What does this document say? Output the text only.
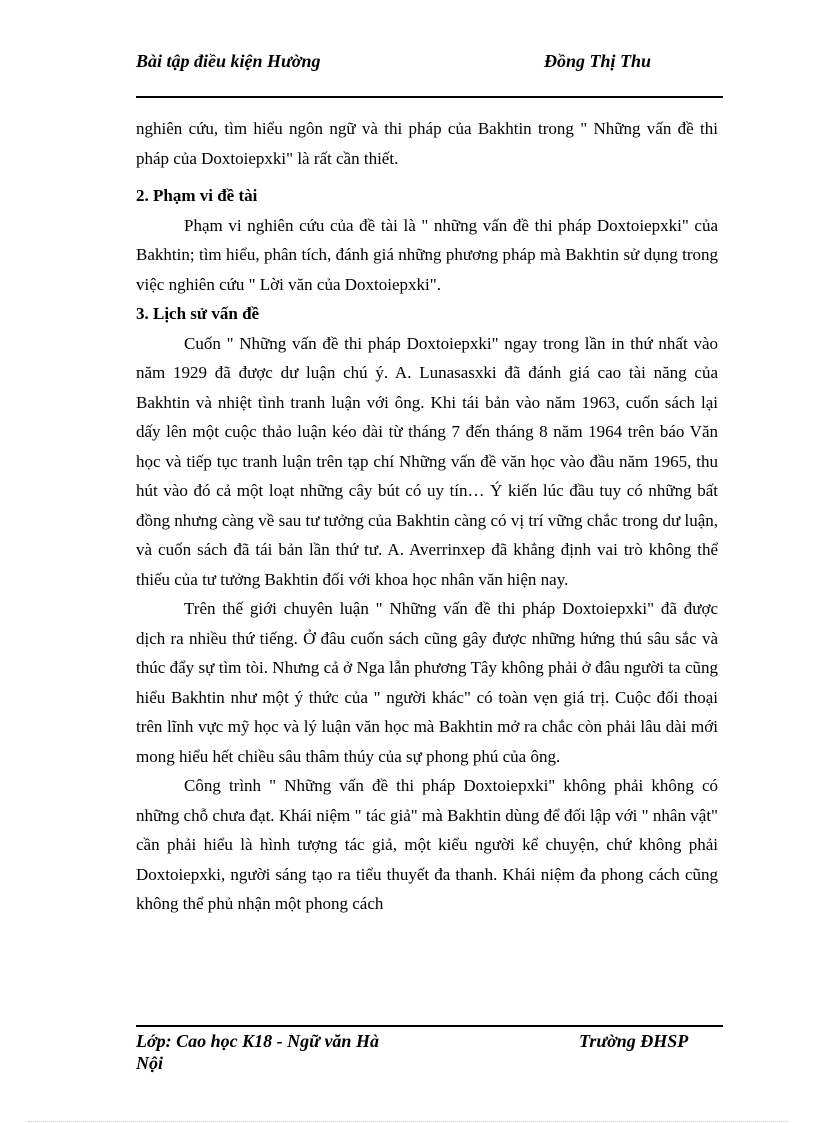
Bài tập điều kiện Hường	Đồng Thị Thu

nghiên cứu, tìm hiểu ngôn ngữ và thi pháp của Bakhtin trong " Những vấn đề thi pháp của Doxtoiepxki" là rất cần thiết.

2. Phạm vi đề tài

Phạm vi nghiên cứu của đề tài là " những vấn đề thi pháp Doxtoiepxki" của Bakhtin; tìm hiểu, phân tích, đánh giá những phương pháp mà Bakhtin sử dụng trong việc nghiên cứu " Lời văn của Doxtoiepxki".

3. Lịch sử vấn đề

Cuốn " Những vấn đề thi pháp Doxtoiepxki" ngay trong lần in thứ nhất vào năm 1929 đã được dư luận chú ý. A. Lunasasxki đã đánh giá cao tài năng của Bakhtin và nhiệt tình tranh luận với ông. Khi tái bản vào năm 1963, cuốn sách lại dấy lên một cuộc thảo luận kéo dài từ tháng 7 đến tháng 8 năm 1964 trên báo Văn học và tiếp tục tranh luận trên tạp chí Những vấn đề văn học vào đầu năm 1965, thu hút vào đó cả một loạt những cây bút có uy tín… Ý kiến lúc đầu tuy có những bất đồng nhưng càng về sau tư tưởng của Bakhtin càng có vị trí vững chắc trong dư luận, và cuốn sách đã tái bản lần thứ tư. A. Averrinxep đã khẳng định vai trò không thể thiếu của tư tưởng Bakhtin đối với khoa học nhân văn hiện nay.

Trên thế giới chuyên luận " Những vấn đề thi pháp Doxtoiepxki" đã được dịch ra nhiều thứ tiếng. Ở đâu cuốn sách cũng gây được những hứng thú sâu sắc và thúc đẩy sự tìm tòi. Nhưng cả ở Nga lẫn phương Tây không phải ở đâu người ta cũng hiểu Bakhtin như một ý thức của " người khác" có toàn vẹn giá trị. Cuộc đối thoại trên lĩnh vực mỹ học và lý luận văn học mà Bakhtin mở ra chắc còn phải lâu dài mới mong hiểu hết chiều sâu thâm thúy của sự phong phú của ông.

Công trình " Những vấn đề thi pháp Doxtoiepxki" không phải không có những chỗ chưa đạt. Khái niệm " tác giả" mà Bakhtin dùng để đối lập với " nhân vật" cần phải hiểu là hình tượng tác giả, một kiểu người kể chuyện, chứ không phải Doxtoiepxki, người sáng tạo ra tiểu thuyết đa thanh. Khái niệm đa phong cách cũng không thể phủ nhận một phong cách

Lớp: Cao học K18 - Ngữ văn Hà Nội
Trường ĐHSP
